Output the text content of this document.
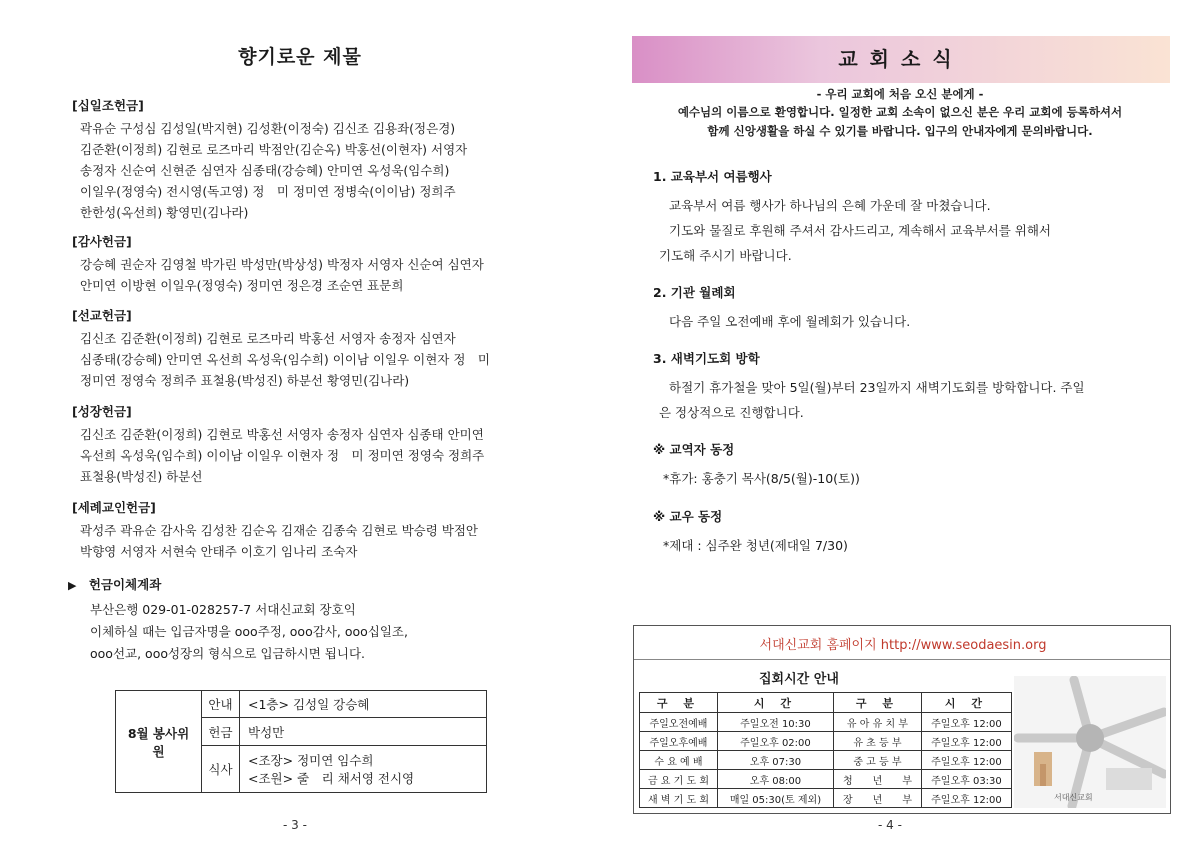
향기로운 제물
[십일조헌금]
곽유순 구성심 김성일(박지현) 김성환(이정숙) 김신조 김용좌(정은경)
김준환(이정희) 김현로 로즈마리 박점안(김순옥) 박홍선(이현자) 서영자
송정자 신순여 신현준 심연자 심종태(강승혜) 안미연 옥성욱(임수희)
이일우(정영숙) 전시영(독고영) 정　미 정미연 정병숙(이이남) 정희주
한한성(옥선희) 황영민(김나라)
[감사헌금]
강승혜 권순자 김영철 박가린 박성만(박상성) 박정자 서영자 신순여 심연자
안미연 이방현 이일우(정영숙) 정미연 정은경 조순연 표문희
[선교헌금]
김신조 김준환(이정희) 김현로 로즈마리 박홍선 서영자 송정자 심연자
심종태(강승혜) 안미연 옥선희 옥성욱(임수희) 이이남 이일우 이현자 정　미
정미연 정영숙 정희주 표철용(박성진) 하분선 황영민(김나라)
[성장헌금]
김신조 김준환(이정희) 김현로 박홍선 서영자 송정자 심연자 심종태 안미연
옥선희 옥성욱(임수희) 이이남 이일우 이현자 정　미 정미연 정영숙 정희주
표철용(박성진) 하분선
[세례교인헌금]
곽성주 곽유순 감사욱 김성찬 김순옥 김재순 김종숙 김현로 박승령 박점안
박향영 서영자 서현숙 안태주 이호기 임나리 조숙자
▶ 헌금이체계좌
부산은행 029-01-028257-7 서대신교회 장호익
이체하실 때는 입금자명을 ooo주정, ooo감사, ooo십일조,
ooo선교, ooo성장의 형식으로 입금하시면 됩니다.
8월 봉사위원	안내	<1층> 김성일 강승혜
	헌금	박성만
	식사	<조장> 정미연 임수희
<조원> 줄　리 채서영 전시영
- 3 -
교회소식
- 우리 교회에 처음 오신 분에게 -
예수님의 이름으로 환영합니다. 일정한 교회 소속이 없으신 분은 우리 교회에 등록하셔서
함께 신앙생활을 하실 수 있기를 바랍니다. 입구의 안내자에게 문의바랍니다.
1. 교육부서 여름행사
교육부서 여름 행사가 하나님의 은혜 가운데 잘 마쳤습니다.
기도와 물질로 후원해 주셔서 감사드리고, 계속해서 교육부서를 위해서
기도해 주시기 바랍니다.
2. 기관 월례회
다음 주일 오전예배 후에 월례회가 있습니다.
3. 새벽기도회 방학
하절기 휴가철을 맞아 5일(월)부터 23일까지 새벽기도회를 방학합니다. 주일
은 정상적으로 진행합니다.
※ 교역자 동정
*휴가: 홍충기 목사(8/5(월)-10(토))
※ 교우 동정
*제대 : 심주완 청년(제대일 7/30)
서대신교회 홈페이지 http://www.seodaesin.org
집회시간 안내
구 분	시 간	구 분	시 간
주일오전예배	주일오전 10:30	유 아 유 치 부	주일오후 12:00
주일오후예배	주일오후 02:00	유 초 등 부	주일오후 12:00
수 요 예 배	오후 07:30	중 고 등 부	주일오후 12:00
금 요 기 도 회	오후 08:00	청　　년　　부	주일오후 03:30
새 벽 기 도 회	매일 05:30(토 제외)	장　　년　　부	주일오후 12:00	서대신교회
- 4 -
